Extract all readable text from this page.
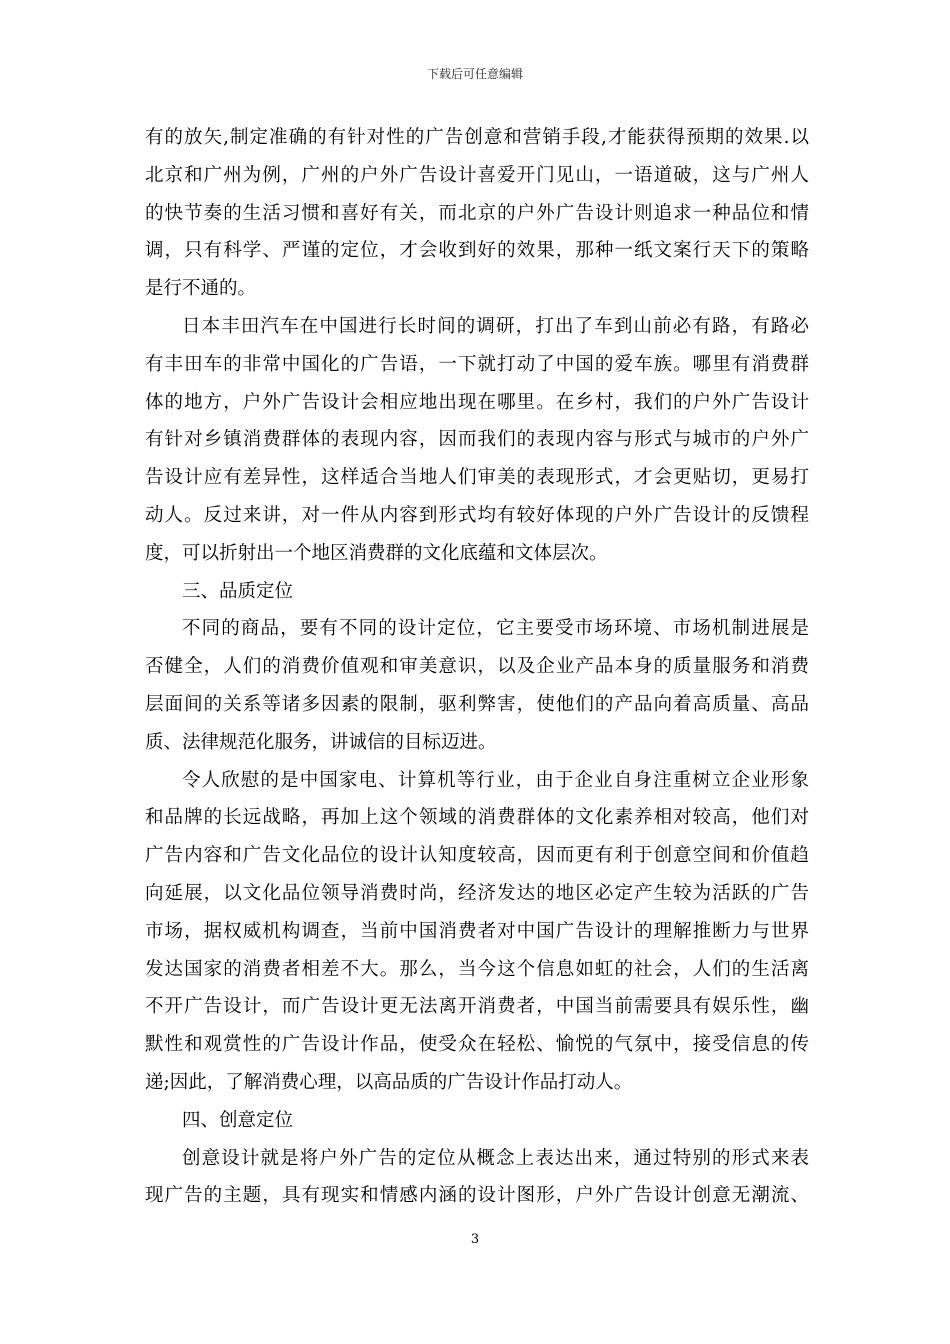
下载后可任意编辑
有的放矢,制定准确的有针对性的广告创意和营销手段,才能获得预期的效果.以
北京和广州为例，广州的户外广告设计喜爱开门见山，一语道破，这与广州人
的快节奏的生活习惯和喜好有关，而北京的户外广告设计则追求一种品位和情
调，只有科学、严谨的定位，才会收到好的效果，那种一纸文案行天下的策略
是行不通的。
日本丰田汽车在中国进行长时间的调研，打出了车到山前必有路，有路必
有丰田车的非常中国化的广告语，一下就打动了中国的爱车族。哪里有消费群
体的地方，户外广告设计会相应地出现在哪里。在乡村，我们的户外广告设计
有针对乡镇消费群体的表现内容，因而我们的表现内容与形式与城市的户外广
告设计应有差异性，这样适合当地人们审美的表现形式，才会更贴切，更易打
动人。反过来讲，对一件从内容到形式均有较好体现的户外广告设计的反馈程
度，可以折射出一个地区消费群的文化底蕴和文体层次。
三、品质定位
不同的商品，要有不同的设计定位，它主要受市场环境、市场机制进展是
否健全，人们的消费价值观和审美意识，以及企业产品本身的质量服务和消费
层面间的关系等诸多因素的限制，驱利弊害，使他们的产品向着高质量、高品
质、法律规范化服务，讲诚信的目标迈进。
令人欣慰的是中国家电、计算机等行业，由于企业自身注重树立企业形象
和品牌的长远战略，再加上这个领域的消费群体的文化素养相对较高，他们对
广告内容和广告文化品位的设计认知度较高，因而更有利于创意空间和价值趋
向延展，以文化品位领导消费时尚，经济发达的地区必定产生较为活跃的广告
市场，据权威机构调查，当前中国消费者对中国广告设计的理解推断力与世界
发达国家的消费者相差不大。那么，当今这个信息如虹的社会，人们的生活离
不开广告设计，而广告设计更无法离开消费者，中国当前需要具有娱乐性，幽
默性和观赏性的广告设计作品，使受众在轻松、愉悦的气氛中，接受信息的传
递;因此，了解消费心理，以高品质的广告设计作品打动人。
四、创意定位
创意设计就是将户外广告的定位从概念上表达出来，通过特别的形式来表
现广告的主题，具有现实和情感内涵的设计图形，户外广告设计创意无潮流、
3
